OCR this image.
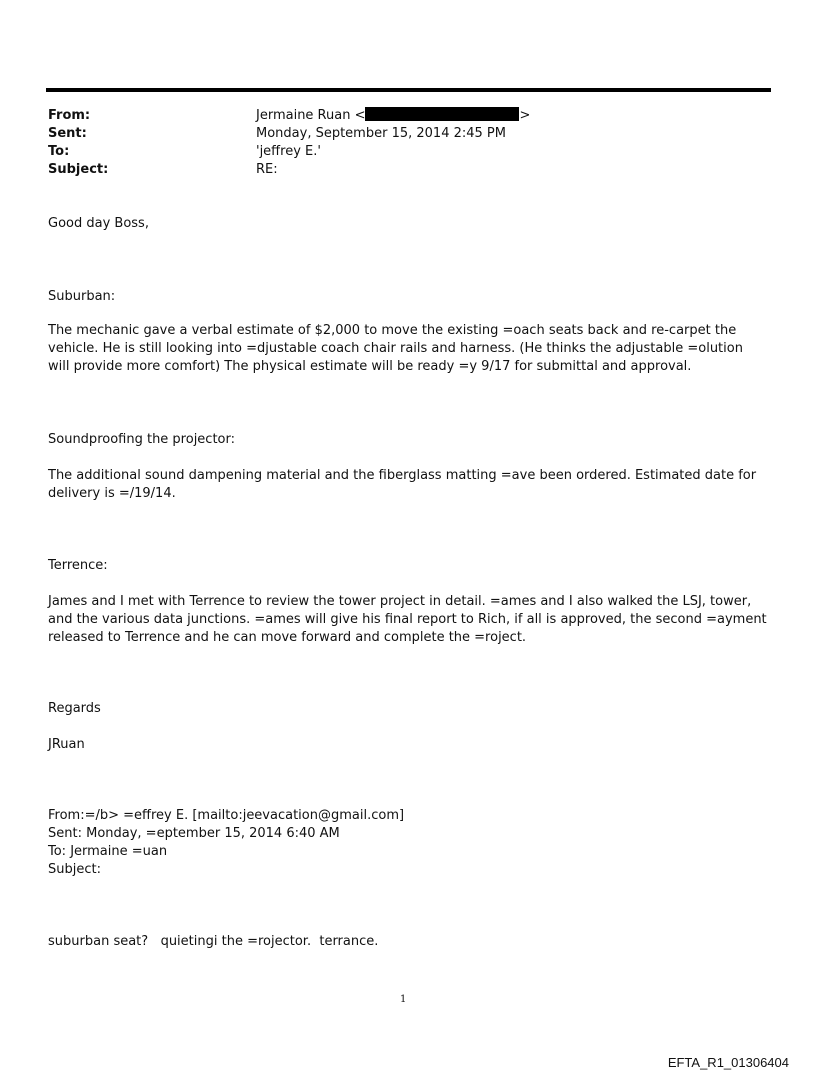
From:	Jermaine Ruan <	>
Sent:	Monday, September 15, 2014 2:45 PM
To:	'jeffrey E.'
Subject:	RE:
Good day Boss,
Suburban:
The mechanic gave a verbal estimate of $2,000 to move the existing =oach seats back and re-carpet the vehicle. He is still looking into =djustable coach chair rails and harness. (He thinks the adjustable =olution will provide more comfort) The physical estimate will be ready =y 9/17 for submittal and approval.
Soundproofing the projector:
The additional sound dampening material and the fiberglass matting =ave been ordered. Estimated date for delivery is =/19/14.
Terrence:
James and I met with Terrence to review the tower project in detail. =ames and I also walked the LSJ, tower, and the various data junctions. =ames will give his final report to Rich, if all is approved, the second =ayment released to Terrence and he can move forward and complete the =roject.
Regards
JRuan
From:=/b> =effrey E. [mailto:jeevacation@gmail.com]
Sent: Monday, =eptember 15, 2014 6:40 AM
To: Jermaine =uan
Subject:
suburban seat?   quietingi the =rojector.  terrance.
1
EFTA_R1_01306404
